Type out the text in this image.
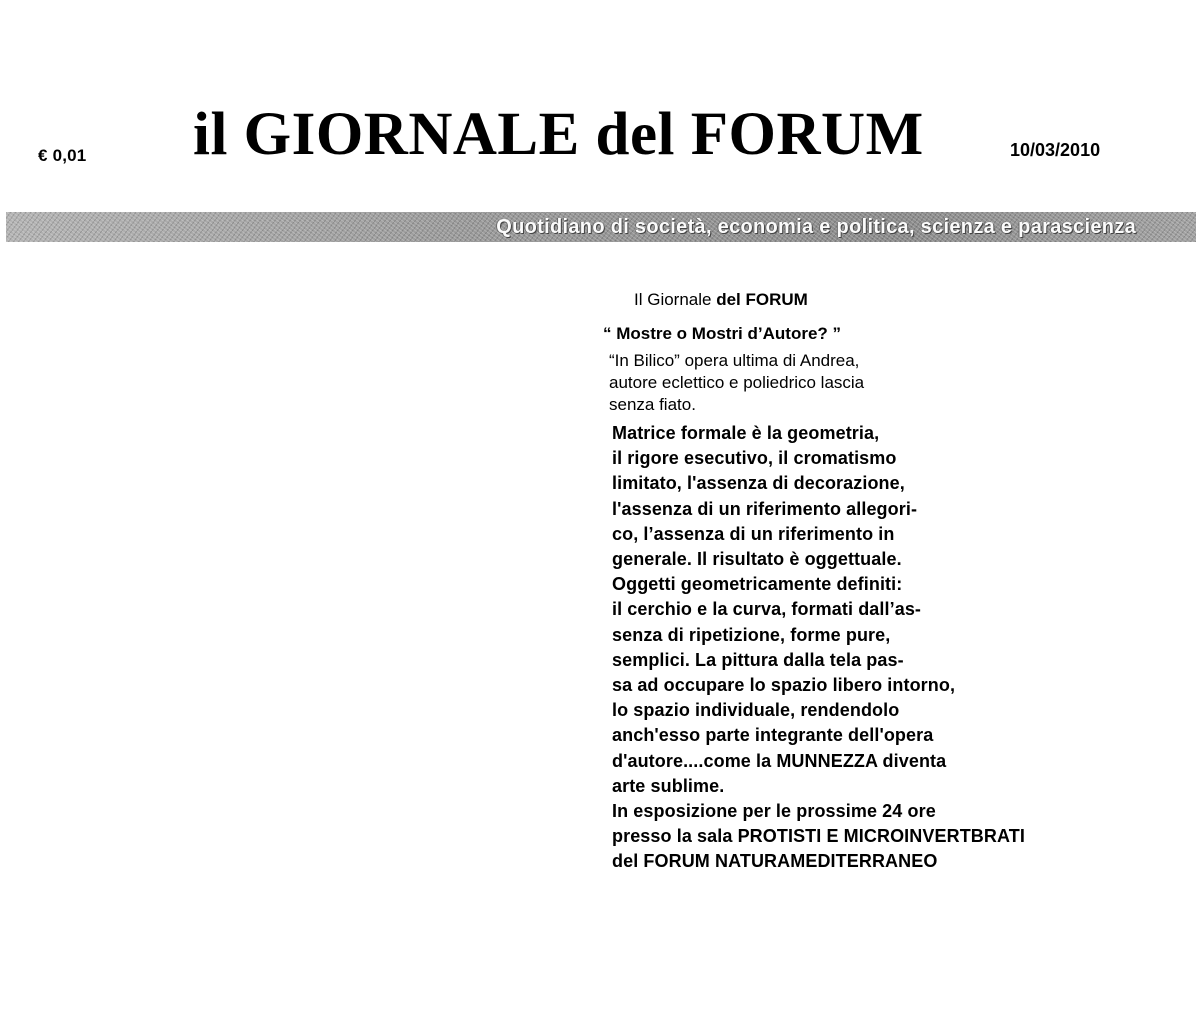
€ 0,01 il GIORNALE del FORUM	10/03/2010
Quotidiano di società, economia e politica, scienza e parascienza
Il Giornale del FORUM
“ Mostre o Mostri d’Autore? ”
“In Bilico” opera ultima di Andrea,
autore eclettico e poliedrico lascia
senza fiato.
Matrice formale è la geometria,
il rigore esecutivo, il cromatismo
limitato, l'assenza di decorazione,
l'assenza di un riferimento allegori-
co, l’assenza di un riferimento in
generale. Il risultato è oggettuale.
Oggetti geometricamente definiti:
il cerchio e la curva, formati dall’as-
senza di ripetizione, forme pure,
semplici. La pittura dalla tela pas-
sa ad occupare lo spazio libero intorno,
lo spazio individuale, rendendolo
anch'esso parte integrante dell'opera
d'autore....come la MUNNEZZA diventa
arte sublime.
In esposizione per le prossime 24 ore
presso la sala PROTISTI E MICROINVERTBRATI
del FORUM NATURAMEDITERRANEO
